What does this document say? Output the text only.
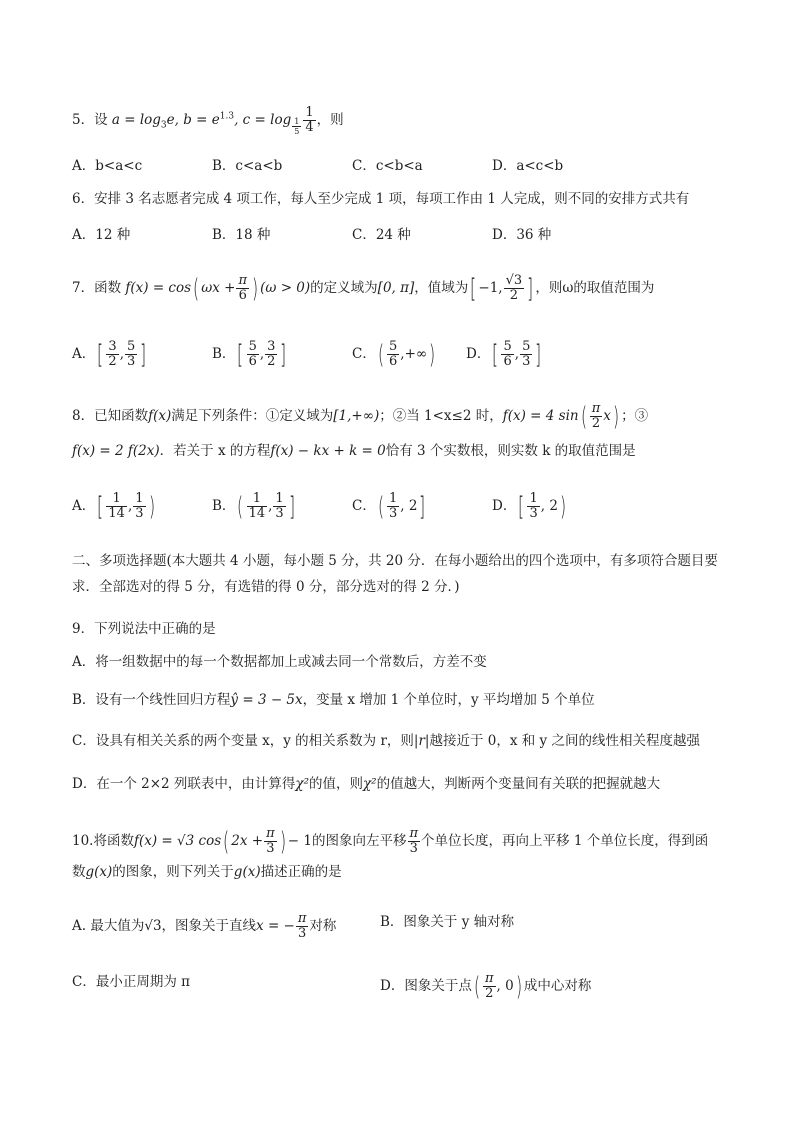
5．设 $a = \log_3e$, $b = e^{1.3}$, $c = \log \frac{1}{5} \frac{1}{4}$ ，则
A．b<a<c	B．c<a<b	C．c<b<a	D．a<c<b
6．安排 3 名志愿者完成 4 项工作，每人至少完成 1 项，每项工作由 1 人完成，则不同的安排方式共有
A．12 种	B．18 种	C．24 种	D．36 种
7．函数 f(x) = cos( $\omega x + \frac{\pi}{6}$ ) (ω > 0)的定义域为[0, π]，值域为[ −1, $\frac{√3}{2}$ ] ，则ω的取值范围为
A．[ $\frac{3}{2}$ , $\frac{5}{3}$ ]	B．[ $\frac{5}{6}$ , $\frac{3}{2}$ ]	C．( $\frac{5}{6}$ ,+∞) D．[ $\frac{5}{6}$ , $\frac{5}{3}$ ]
8．已知函数f(x)满足下列条件：①定义域为[1,+∞)；②当 1<x≤2 时，f(x) = 4 $\sin( \frac{\pi}{2} x)$ ；③
f(x) = 2 f(2x)．若关于 x 的方程f(x) − kx + k = 0恰有 3 个实数根，则实数 k 的取值范围是
A．[ $\frac{1}{14}$ , $\frac{1}{3}$ )	B．( $\frac{1}{14}$ , $\frac{1}{3}$ ]	C．( $\frac{1}{3}$ , 2]	D．[ $\frac{1}{3}$ , 2)
二、多项选择题(本大题共 4 小题，每小题 5 分，共 20 分．在每小题给出的四个选项中，有多项符合题目要求．全部选对的得 5 分，有选错的得 0 分，部分选对的得 2 分．)
9．下列说法中正确的是
A．将一组数据中的每一个数据都加上或减去同一个常数后，方差不变
B．设有一个线性回归方程ŷ = 3 − 5x，变量 x 增加 1 个单位时，y 平均增加 5 个单位
C．设具有相关关系的两个变量 x，y 的相关系数为 r，则|r|越接近于 0，x 和 y 之间的线性相关程度越强
D．在一个 2×2 列联表中，由计算得χ²的值，则χ²的值越大，判断两个变量间有关联的把握就越大
10.将函数f(x) = √3 cos( $2x + \frac{\pi}{3}$ ) − 1的图象向左平移 $\frac{\pi}{3}$ 个单位长度，再向上平移 1 个单位长度，得到函
数g(x)的图象，则下列关于g(x)描述正确的是
A. 最大值为√3，图象关于直线x = − $\frac{\pi}{3}$ 对称	B．图象关于 y 轴对称
C．最小正周期为 π	D．图象关于点( $\frac{\pi}{2}$ , 0) 成中心对称
